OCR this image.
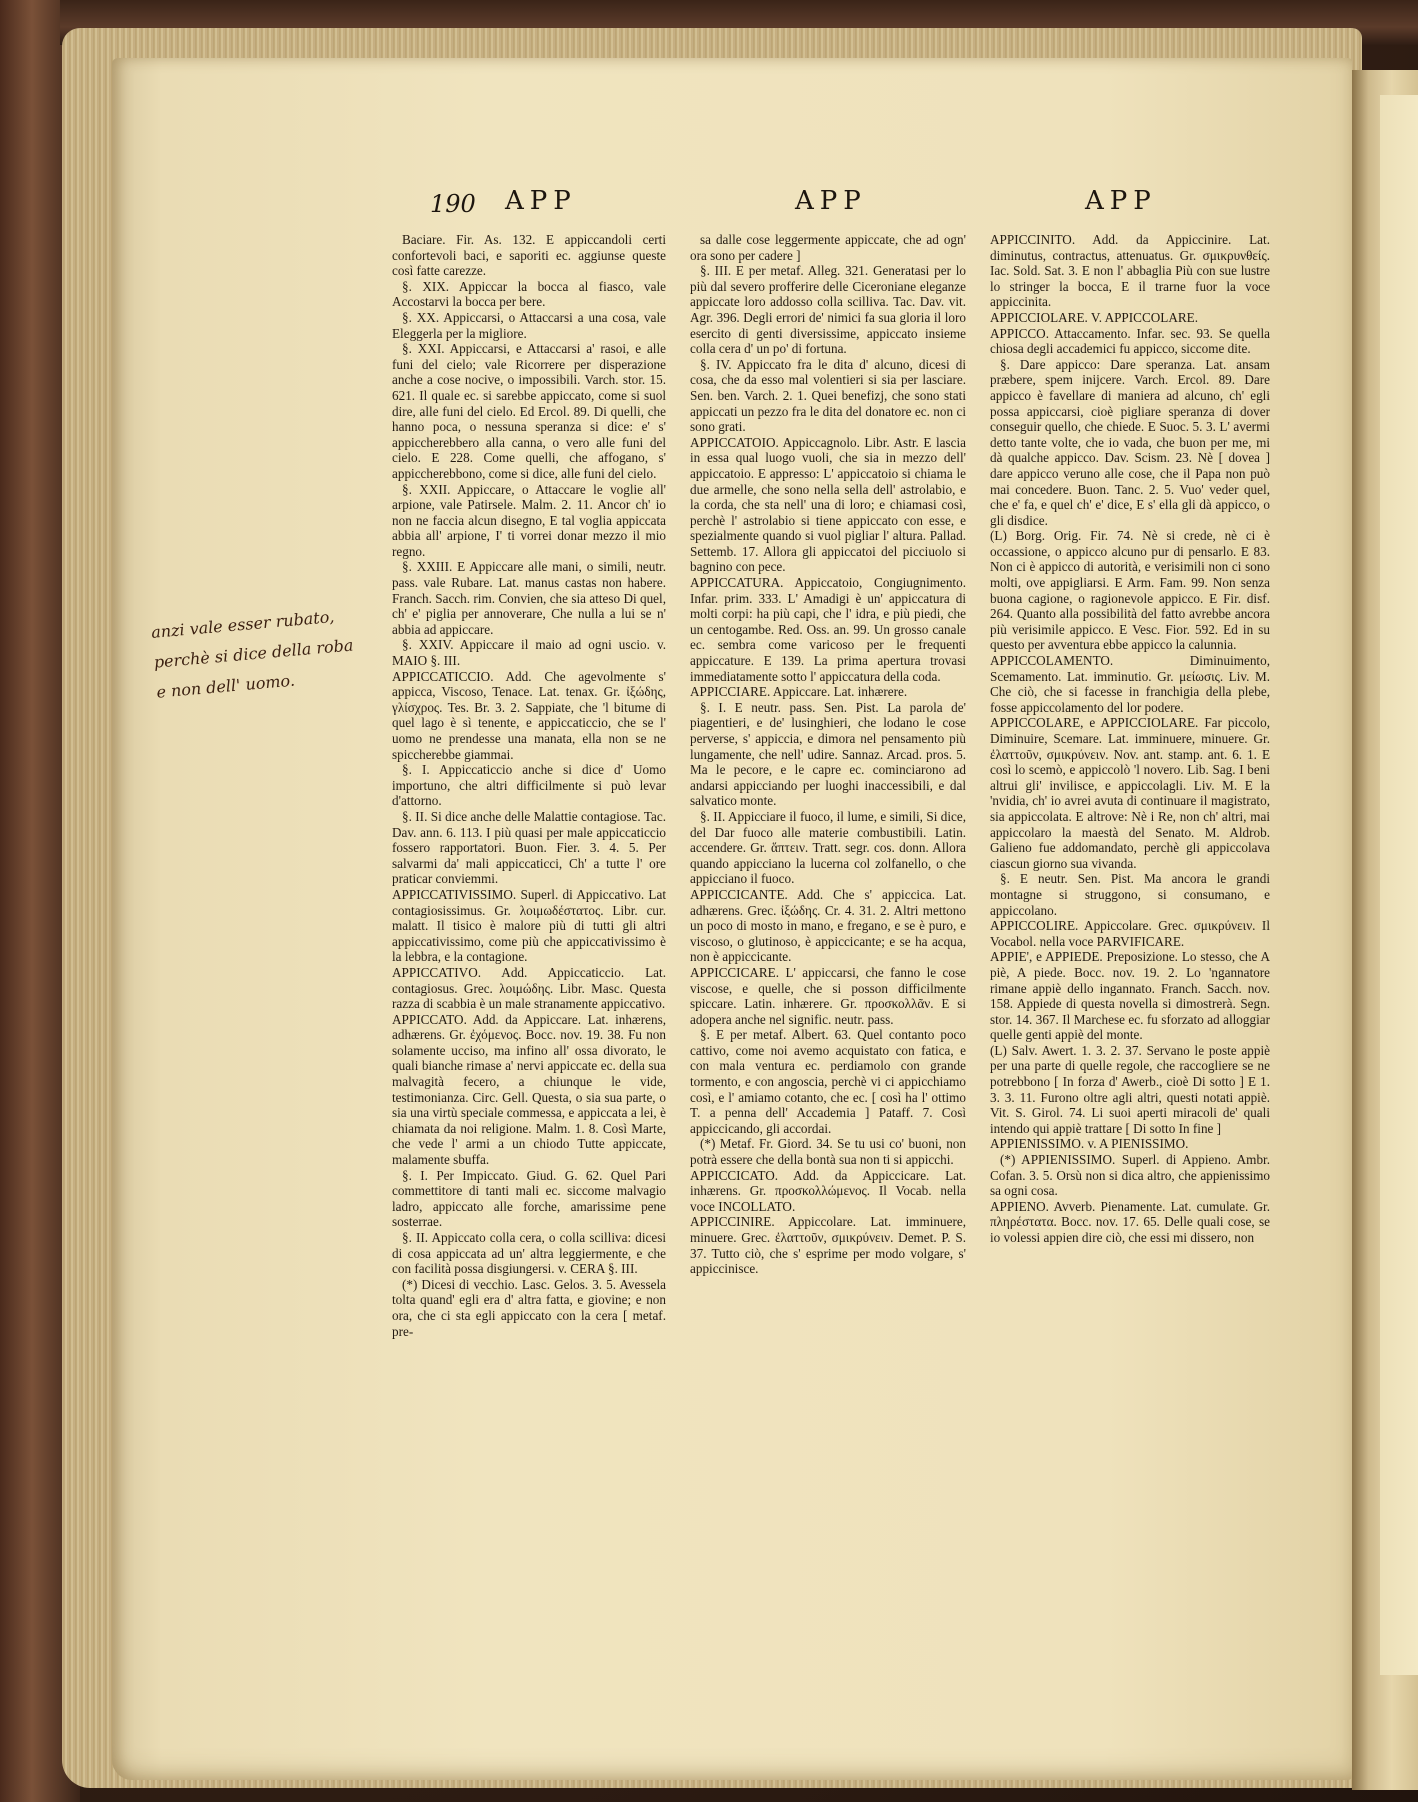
190 APP	APP	APP
anzi vale esser rubato,
perchè si dice della roba
e non dell' uomo.

Baciare. Fir. As. 132. E appiccandoli certi confortevoli baci, e saporiti ec. aggiunse queste così fatte carezze.

§. XIX. Appiccar la bocca al fiasco, vale Accostarvi la bocca per bere.

§. XX. Appiccarsi, o Attaccarsi a una cosa, vale Eleggerla per la migliore.

§. XXI. Appiccarsi, e Attaccarsi a' rasoi, e alle funi del cielo; vale Ricorrere per disperazione anche a cose nocive, o impossibili. Varch. stor. 15. 621. Il quale ec. si sarebbe appiccato, come si suol dire, alle funi del cielo. Ed Ercol. 89. Di quelli, che hanno poca, o nessuna speranza si dice: e' s' appiccherebbero alla canna, o vero alle funi del cielo. E 228. Come quelli, che affogano, s' appiccherebbono, come si dice, alle funi del cielo.

§. XXII. Appiccare, o Attaccare le voglie all' arpione, vale Patirsele. Malm. 2. 11. Ancor ch' io non ne faccia alcun disegno, E tal voglia appiccata abbia all' arpione, I' ti vorrei donar mezzo il mio regno.

§. XXIII. E Appiccare alle mani, o simili, neutr. pass. vale Rubare. Lat. manus castas non habere. Franch. Sacch. rim. Convien, che sia atteso Di quel, ch' e' piglia per annoverare, Che nulla a lui se n' abbia ad appiccare.

§. XXIV. Appiccare il maio ad ogni uscio. v. MAIO §. III.

APPICCATICCIO. Add. Che agevolmente s' appicca, Viscoso, Tenace. Lat. tenax. Gr. ἰξώδης, γλίσχρος. Tes. Br. 3. 2. Sappiate, che 'l bitume di quel lago è sì tenente, e appiccaticcio, che se l' uomo ne prendesse una manata, ella non se ne spiccherebbe giammai.

§. I. Appiccaticcio anche si dice d' Uomo importuno, che altri difficilmente si può levar d'attorno.

§. II. Si dice anche delle Malattie contagiose. Tac. Dav. ann. 6. 113. I più quasi per male appiccaticcio fossero rapportatori. Buon. Fier. 3. 4. 5. Per salvarmi da' mali appiccaticci, Ch' a tutte l' ore praticar conviemmi.

APPICCATIVISSIMO. Superl. di Appiccativo. Lat contagiosissimus. Gr. λοιμωδέστατος. Libr. cur. malatt. Il tisico è malore più di tutti gli altri appiccativissimo, come più che appiccativissimo è la lebbra, e la contagione.

APPICCATIVO. Add. Appiccaticcio. Lat. contagiosus. Grec. λοιμώδης. Libr. Masc. Questa razza di scabbia è un male stranamente appiccativo.

APPICCATO. Add. da Appiccare. Lat. inhærens, adhærens. Gr. ἐχόμενος. Bocc. nov. 19. 38. Fu non solamente ucciso, ma infino all' ossa divorato, le quali bianche rimase a' nervi appiccate ec. della sua malvagità fecero, a chiunque le vide, testimonianza. Circ. Gell. Questa, o sia sua parte, o sia una virtù speciale commessa, e appiccata a lei, è chiamata da noi religione. Malm. 1. 8. Così Marte, che vede l' armi a un chiodo Tutte appiccate, malamente sbuffa.

§. I. Per Impiccato. Giud. G. 62. Quel Pari commettitore di tanti mali ec. siccome malvagio ladro, appiccato alle forche, amarissime pene sosterrae.

§. II. Appiccato colla cera, o colla scilliva: dicesi di cosa appiccata ad un' altra leggiermente, e che con facilità possa disgiungersi. v. CERA §. III.

(*) Dicesi di vecchio. Lasc. Gelos. 3. 5. Avessela tolta quand' egli era d' altra fatta, e giovine; e non ora, che ci sta egli appiccato con la cera [ metaf. pre-

sa dalle cose leggermente appiccate, che ad ogn' ora sono per cadere ]

§. III. E per metaf. Alleg. 321. Generatasi per lo più dal severo profferire delle Ciceroniane eleganze appiccate loro addosso colla scilliva. Tac. Dav. vit. Agr. 396. Degli errori de' nimici fa sua gloria il loro esercito di genti diversissime, appiccato insieme colla cera d' un po' di fortuna.

§. IV. Appiccato fra le dita d' alcuno, dicesi di cosa, che da esso mal volentieri si sia per lasciare. Sen. ben. Varch. 2. 1. Quei benefizj, che sono stati appiccati un pezzo fra le dita del donatore ec. non ci sono grati.

APPICCATOIO. Appiccagnolo. Libr. Astr. E lascia in essa qual luogo vuoli, che sia in mezzo dell' appiccatoio. E appresso: L' appiccatoio si chiama le due armelle, che sono nella sella dell' astrolabio, e la corda, che sta nell' una di loro; e chiamasi così, perchè l' astrolabio si tiene appiccato con esse, e spezialmente quando si vuol pigliar l' altura. Pallad. Settemb. 17. Allora gli appiccatoi del picciuolo si bagnino con pece.

APPICCATURA. Appiccatoio, Congiugnimento. Infar. prim. 333. L' Amadigi è un' appiccatura di molti corpi: ha più capi, che l' idra, e più piedi, che un centogambe. Red. Oss. an. 99. Un grosso canale ec. sembra come varicoso per le frequenti appiccature. E 139. La prima apertura trovasi immediatamente sotto l' appiccatura della coda.

APPICCIARE. Appiccare. Lat. inhærere.

§. I. E neutr. pass. Sen. Pist. La parola de' piagentieri, e de' lusinghieri, che lodano le cose perverse, s' appiccia, e dimora nel pensamento più lungamente, che nell' udire. Sannaz. Arcad. pros. 5. Ma le pecore, e le capre ec. cominciarono ad andarsi appicciando per luoghi inaccessibili, e dal salvatico monte.

§. II. Appicciare il fuoco, il lume, e simili, Si dice, del Dar fuoco alle materie combustibili. Latin. accendere. Gr. ἅπτειν. Tratt. segr. cos. donn. Allora quando appicciano la lucerna col zolfanello, o che appicciano il fuoco.

APPICCICANTE. Add. Che s' appiccica. Lat. adhærens. Grec. ἰξώδης. Cr. 4. 31. 2. Altri mettono un poco di mosto in mano, e fregano, e se è puro, e viscoso, o glutinoso, è appiccicante; e se ha acqua, non è appiccicante.

APPICCICARE. L' appiccarsi, che fanno le cose viscose, e quelle, che si posson difficilmente spiccare. Latin. inhærere. Gr. προσκολλᾶν. E si adopera anche nel signific. neutr. pass.

§. E per metaf. Albert. 63. Quel contanto poco cattivo, come noi avemo acquistato con fatica, e con mala ventura ec. perdiamolo con grande tormento, e con angoscia, perchè vi ci appicchiamo così, e l' amiamo cotanto, che ec. [ così ha l' ottimo T. a penna dell' Accademia ] Pataff. 7. Così appiccicando, gli accordai.

(*) Metaf. Fr. Giord. 34. Se tu usi co' buoni, non potrà essere che della bontà sua non ti si appicchi.

APPICCICATO. Add. da Appiccicare. Lat. inhærens. Gr. προσκολλώμενος. Il Vocab. nella voce INCOLLATO.

APPICCINIRE. Appiccolare. Lat. imminuere, minuere. Grec. ἐλαττοῦν, σμικρύνειν. Demet. P. S. 37. Tutto ciò, che s' esprime per modo volgare, s' appiccinisce.

APPICCINITO. Add. da Appiccinire. Lat. diminutus, contractus, attenuatus. Gr. σμικρυνθείς. Iac. Sold. Sat. 3. E non l' abbaglia Più con sue lustre lo stringer la bocca, E il trarne fuor la voce appiccinita.

APPICCIOLARE. V. APPICCOLARE.

APPICCO. Attaccamento. Infar. sec. 93. Se quella chiosa degli accademici fu appicco, siccome dite.

§. Dare appicco: Dare speranza. Lat. ansam præbere, spem inijcere. Varch. Ercol. 89. Dare appicco è favellare di maniera ad alcuno, ch' egli possa appiccarsi, cioè pigliare speranza di dover conseguir quello, che chiede. E Suoc. 5. 3. L' avermi detto tante volte, che io vada, che buon per me, mi dà qualche appicco. Dav. Scism. 23. Nè [ dovea ] dare appicco veruno alle cose, che il Papa non può mai concedere. Buon. Tanc. 2. 5. Vuo' veder quel, che e' fa, e quel ch' e' dice, E s' ella gli dà appicco, o gli disdice.

(L) Borg. Orig. Fir. 74. Nè si crede, nè ci è occassione, o appicco alcuno pur di pensarlo. E 83. Non ci è appicco di autorità, e verisimili non ci sono molti, ove appigliarsi. E Arm. Fam. 99. Non senza buona cagione, o ragionevole appicco. E Fir. disf. 264. Quanto alla possibilità del fatto avrebbe ancora più verisimile appicco. E Vesc. Fior. 592. Ed in su questo per avventura ebbe appicco la calunnia.

APPICCOLAMENTO. Diminuimento, Scemamento. Lat. imminutio. Gr. μείωσις. Liv. M. Che ciò, che si facesse in franchigia della plebe, fosse appiccolamento del lor podere.

APPICCOLARE, e APPICCIOLARE. Far piccolo, Diminuire, Scemare. Lat. imminuere, minuere. Gr. ἐλαττοῦν, σμικρύνειν. Nov. ant. stamp. ant. 6. 1. E così lo scemò, e appiccolò 'l novero. Lib. Sag. I beni altrui gli' invilisce, e appiccolagli. Liv. M. E la 'nvidia, ch' io avrei avuta di continuare il magistrato, sia appiccolata. E altrove: Nè i Re, non ch' altri, mai appiccolaro la maestà del Senato. M. Aldrob. Galieno fue addomandato, perchè gli appiccolava ciascun giorno sua vivanda.

§. E neutr. Sen. Pist. Ma ancora le grandi montagne si struggono, si consumano, e appiccolano.

APPICCOLIRE. Appiccolare. Grec. σμικρύνειν. Il Vocabol. nella voce PARVIFICARE.

APPIE', e APPIEDE. Preposizione. Lo stesso, che A piè, A piede. Bocc. nov. 19. 2. Lo 'ngannatore rimane appiè dello ingannato. Franch. Sacch. nov. 158. Appiede di questa novella si dimostrerà. Segn. stor. 14. 367. Il Marchese ec. fu sforzato ad alloggiar quelle genti appiè del monte.

(L) Salv. Awert. 1. 3. 2. 37. Servano le poste appiè per una parte di quelle regole, che raccogliere se ne potrebbono [ In forza d' Awerb., cioè Di sotto ] E 1. 3. 3. 11. Furono oltre agli altri, questi notati appiè. Vit. S. Girol. 74. Li suoi aperti miracoli de' quali intendo qui appiè trattare [ Di sotto In fine ]

APPIENISSIMO. v. A PIENISSIMO.

(*) APPIENISSIMO. Superl. di Appieno. Ambr. Cofan. 3. 5. Orsù non si dica altro, che appienissimo sa ogni cosa.

APPIENO. Avverb. Pienamente. Lat. cumulate. Gr. πληρέστατα. Bocc. nov. 17. 65. Delle quali cose, se io volessi appien dire ciò, che essi mi dissero, non
